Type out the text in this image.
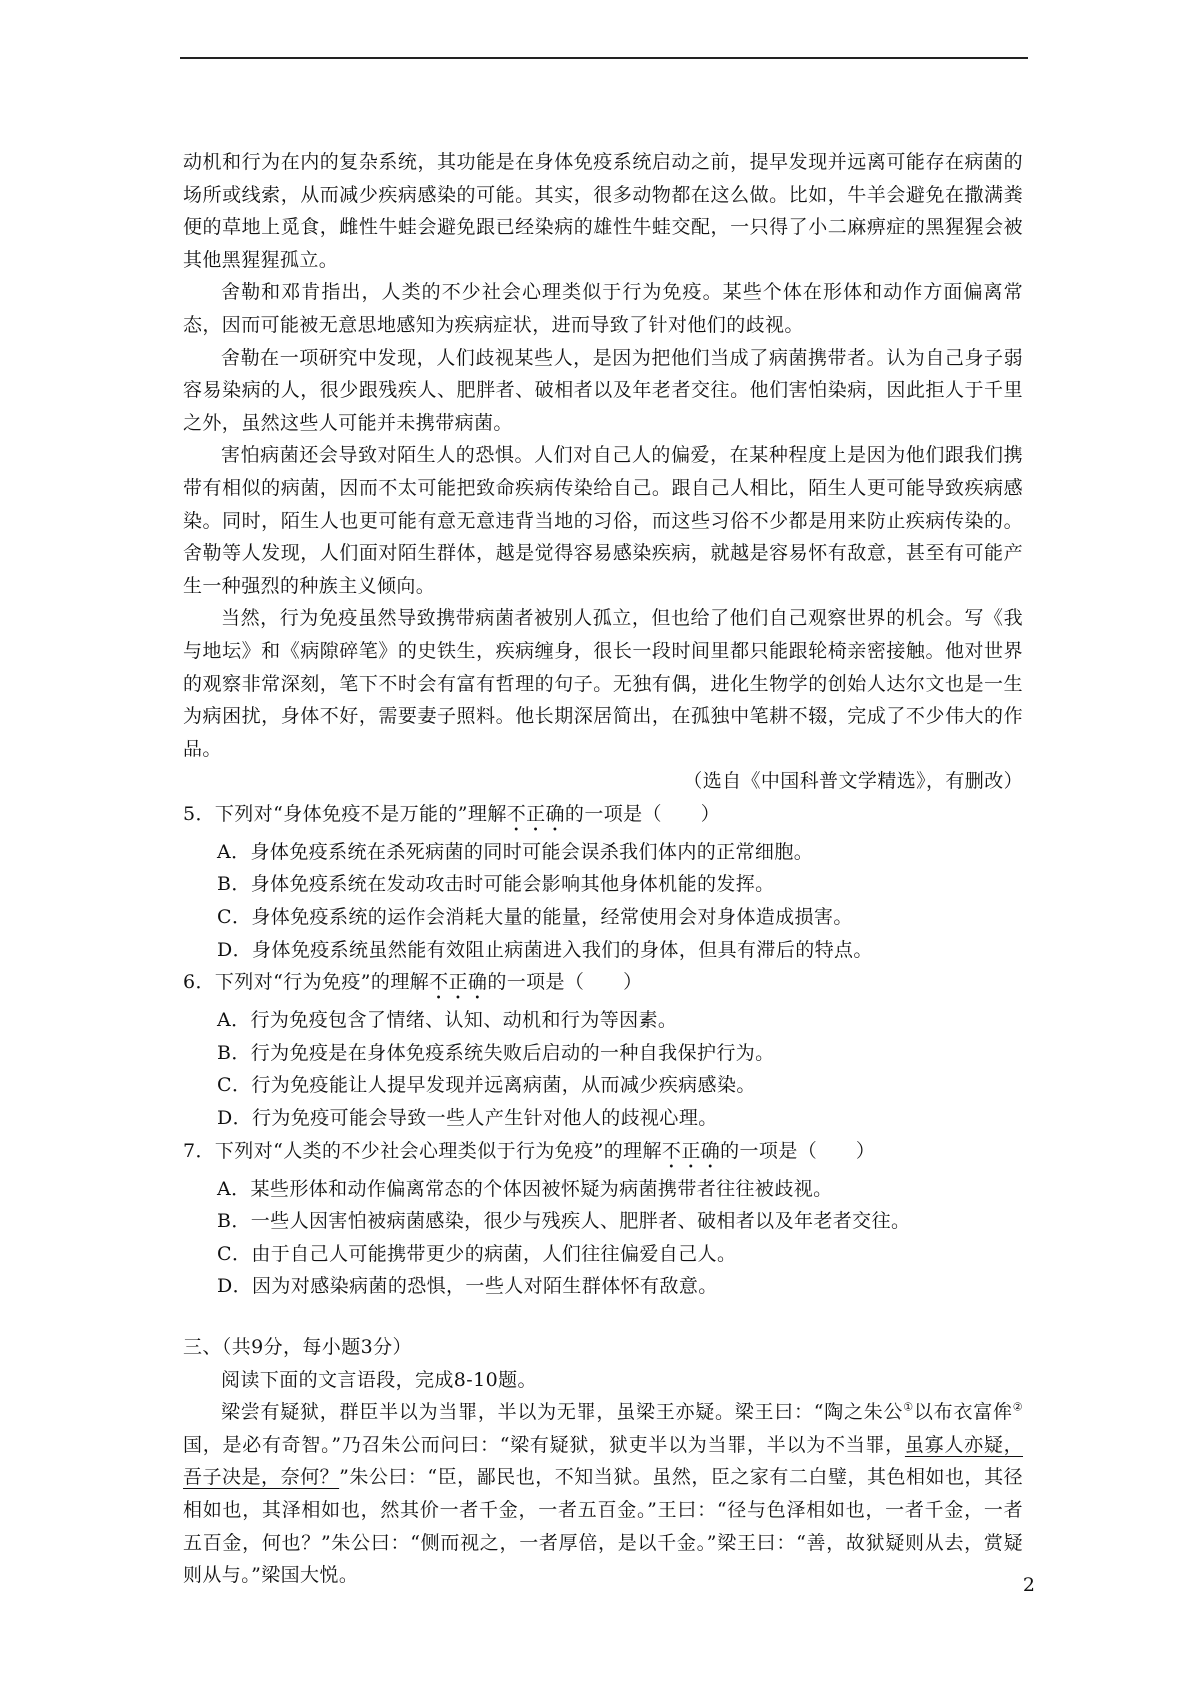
动机和行为在内的复杂系统，其功能是在身体免疫系统启动之前，提早发现并远离可能存在病菌的场所或线索，从而减少疾病感染的可能。其实，很多动物都在这么做。比如，牛羊会避免在撒满粪便的草地上觅食，雌性牛蛙会避免跟已经染病的雄性牛蛙交配，一只得了小二麻痹症的黑猩猩会被其他黑猩猩孤立。

舍勒和邓肯指出，人类的不少社会心理类似于行为免疫。某些个体在形体和动作方面偏离常态，因而可能被无意思地感知为疾病症状，进而导致了针对他们的歧视。

舍勒在一项研究中发现，人们歧视某些人，是因为把他们当成了病菌携带者。认为自己身子弱容易染病的人，很少跟残疾人、肥胖者、破相者以及年老者交往。他们害怕染病，因此拒人于千里之外，虽然这些人可能并未携带病菌。

害怕病菌还会导致对陌生人的恐惧。人们对自己人的偏爱，在某种程度上是因为他们跟我们携带有相似的病菌，因而不太可能把致命疾病传染给自己。跟自己人相比，陌生人更可能导致疾病感染。同时，陌生人也更可能有意无意违背当地的习俗，而这些习俗不少都是用来防止疾病传染的。舍勒等人发现，人们面对陌生群体，越是觉得容易感染疾病，就越是容易怀有敌意，甚至有可能产生一种强烈的种族主义倾向。

当然，行为免疫虽然导致携带病菌者被别人孤立，但也给了他们自己观察世界的机会。写《我与地坛》和《病隙碎笔》的史铁生，疾病缠身，很长一段时间里都只能跟轮椅亲密接触。他对世界的观察非常深刻，笔下不时会有富有哲理的句子。无独有偶，进化生物学的创始人达尔文也是一生为病困扰，身体不好，需要妻子照料。他长期深居简出，在孤独中笔耕不辍，完成了不少伟大的作品。

（选自《中国科普文学精选》，有删改）

5．下列对“身体免疫不是万能的”理解不正确的一项是（　　）

A．身体免疫系统在杀死病菌的同时可能会误杀我们体内的正常细胞。

B．身体免疫系统在发动攻击时可能会影响其他身体机能的发挥。

C．身体免疫系统的运作会消耗大量的能量，经常使用会对身体造成损害。

D．身体免疫系统虽然能有效阻止病菌进入我们的身体，但具有滞后的特点。

6．下列对“行为免疫”的理解不正确的一项是（　　）

A．行为免疫包含了情绪、认知、动机和行为等因素。

B．行为免疫是在身体免疫系统失败后启动的一种自我保护行为。

C．行为免疫能让人提早发现并远离病菌，从而减少疾病感染。

D．行为免疫可能会导致一些人产生针对他人的歧视心理。

7．下列对“人类的不少社会心理类似于行为免疫”的理解不正确的一项是（　　）

A．某些形体和动作偏离常态的个体因被怀疑为病菌携带者往往被歧视。

B．一些人因害怕被病菌感染，很少与残疾人、肥胖者、破相者以及年老者交往。

C．由于自己人可能携带更少的病菌，人们往往偏爱自己人。

D．因为对感染病菌的恐惧，一些人对陌生群体怀有敌意。

三、（共9分，每小题3分）

阅读下面的文言语段，完成8-10题。

梁尝有疑狱，群臣半以为当罪，半以为无罪，虽梁王亦疑。梁王曰：“陶之朱公①以布衣富侔②国，是必有奇智。”乃召朱公而问曰：“梁有疑狱，狱吏半以为当罪，半以为不当罪，虽寡人亦疑，吾子决是，奈何？”朱公曰：“臣，鄙民也，不知当狱。虽然，臣之家有二白璧，其色相如也，其径相如也，其泽相如也，然其价一者千金，一者五百金。”王曰：“径与色泽相如也，一者千金，一者五百金，何也？”朱公曰：“侧而视之，一者厚倍，是以千金。”梁王曰：“善，故狱疑则从去，赏疑则从与。”梁国大悦。	2
